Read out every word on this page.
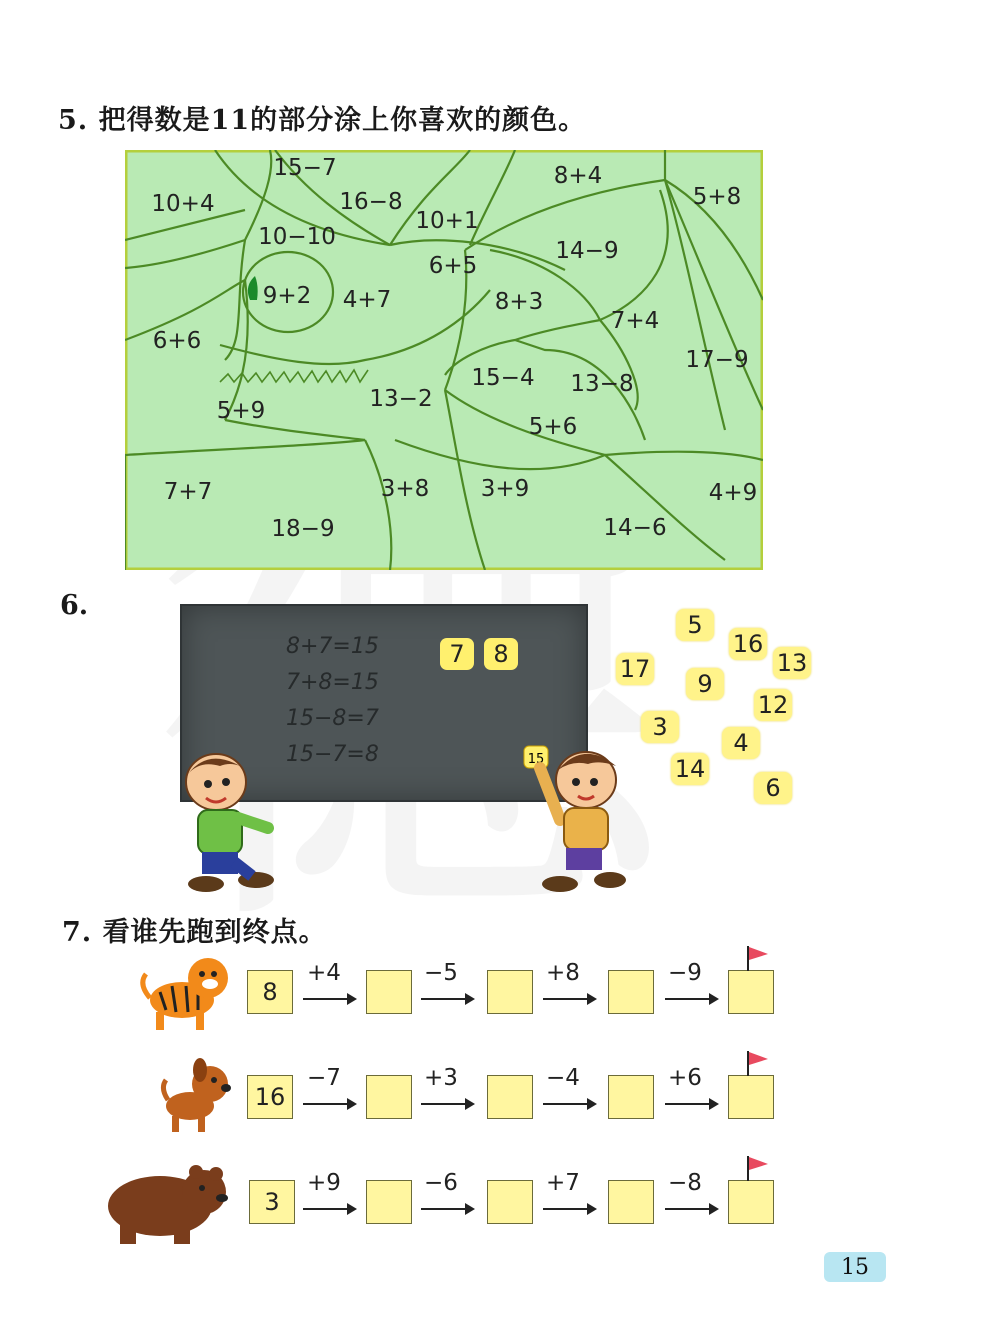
5. 把得数是11的部分涂上你喜欢的颜色。
15−7
10+4	16−8
8+4
5+8
10−10
10+1
14−9
6+5
9+2 4+7	8+3
6+6
7+4
17−9
15−4 13−8
13−2
5+9
5+6
7+7	3+8 3+9	4+9
18−9	14−6
6.
8+7=15
7+8=15
15−8=7
15−7=8
7	8
15
5
16
17	13
9
12
3
4
14
6
7. 看谁先跑到终点。
8
+4	−5	+8	−9
16
−7	+3	−4	+6
3
+9	−6	+7	−8
15
